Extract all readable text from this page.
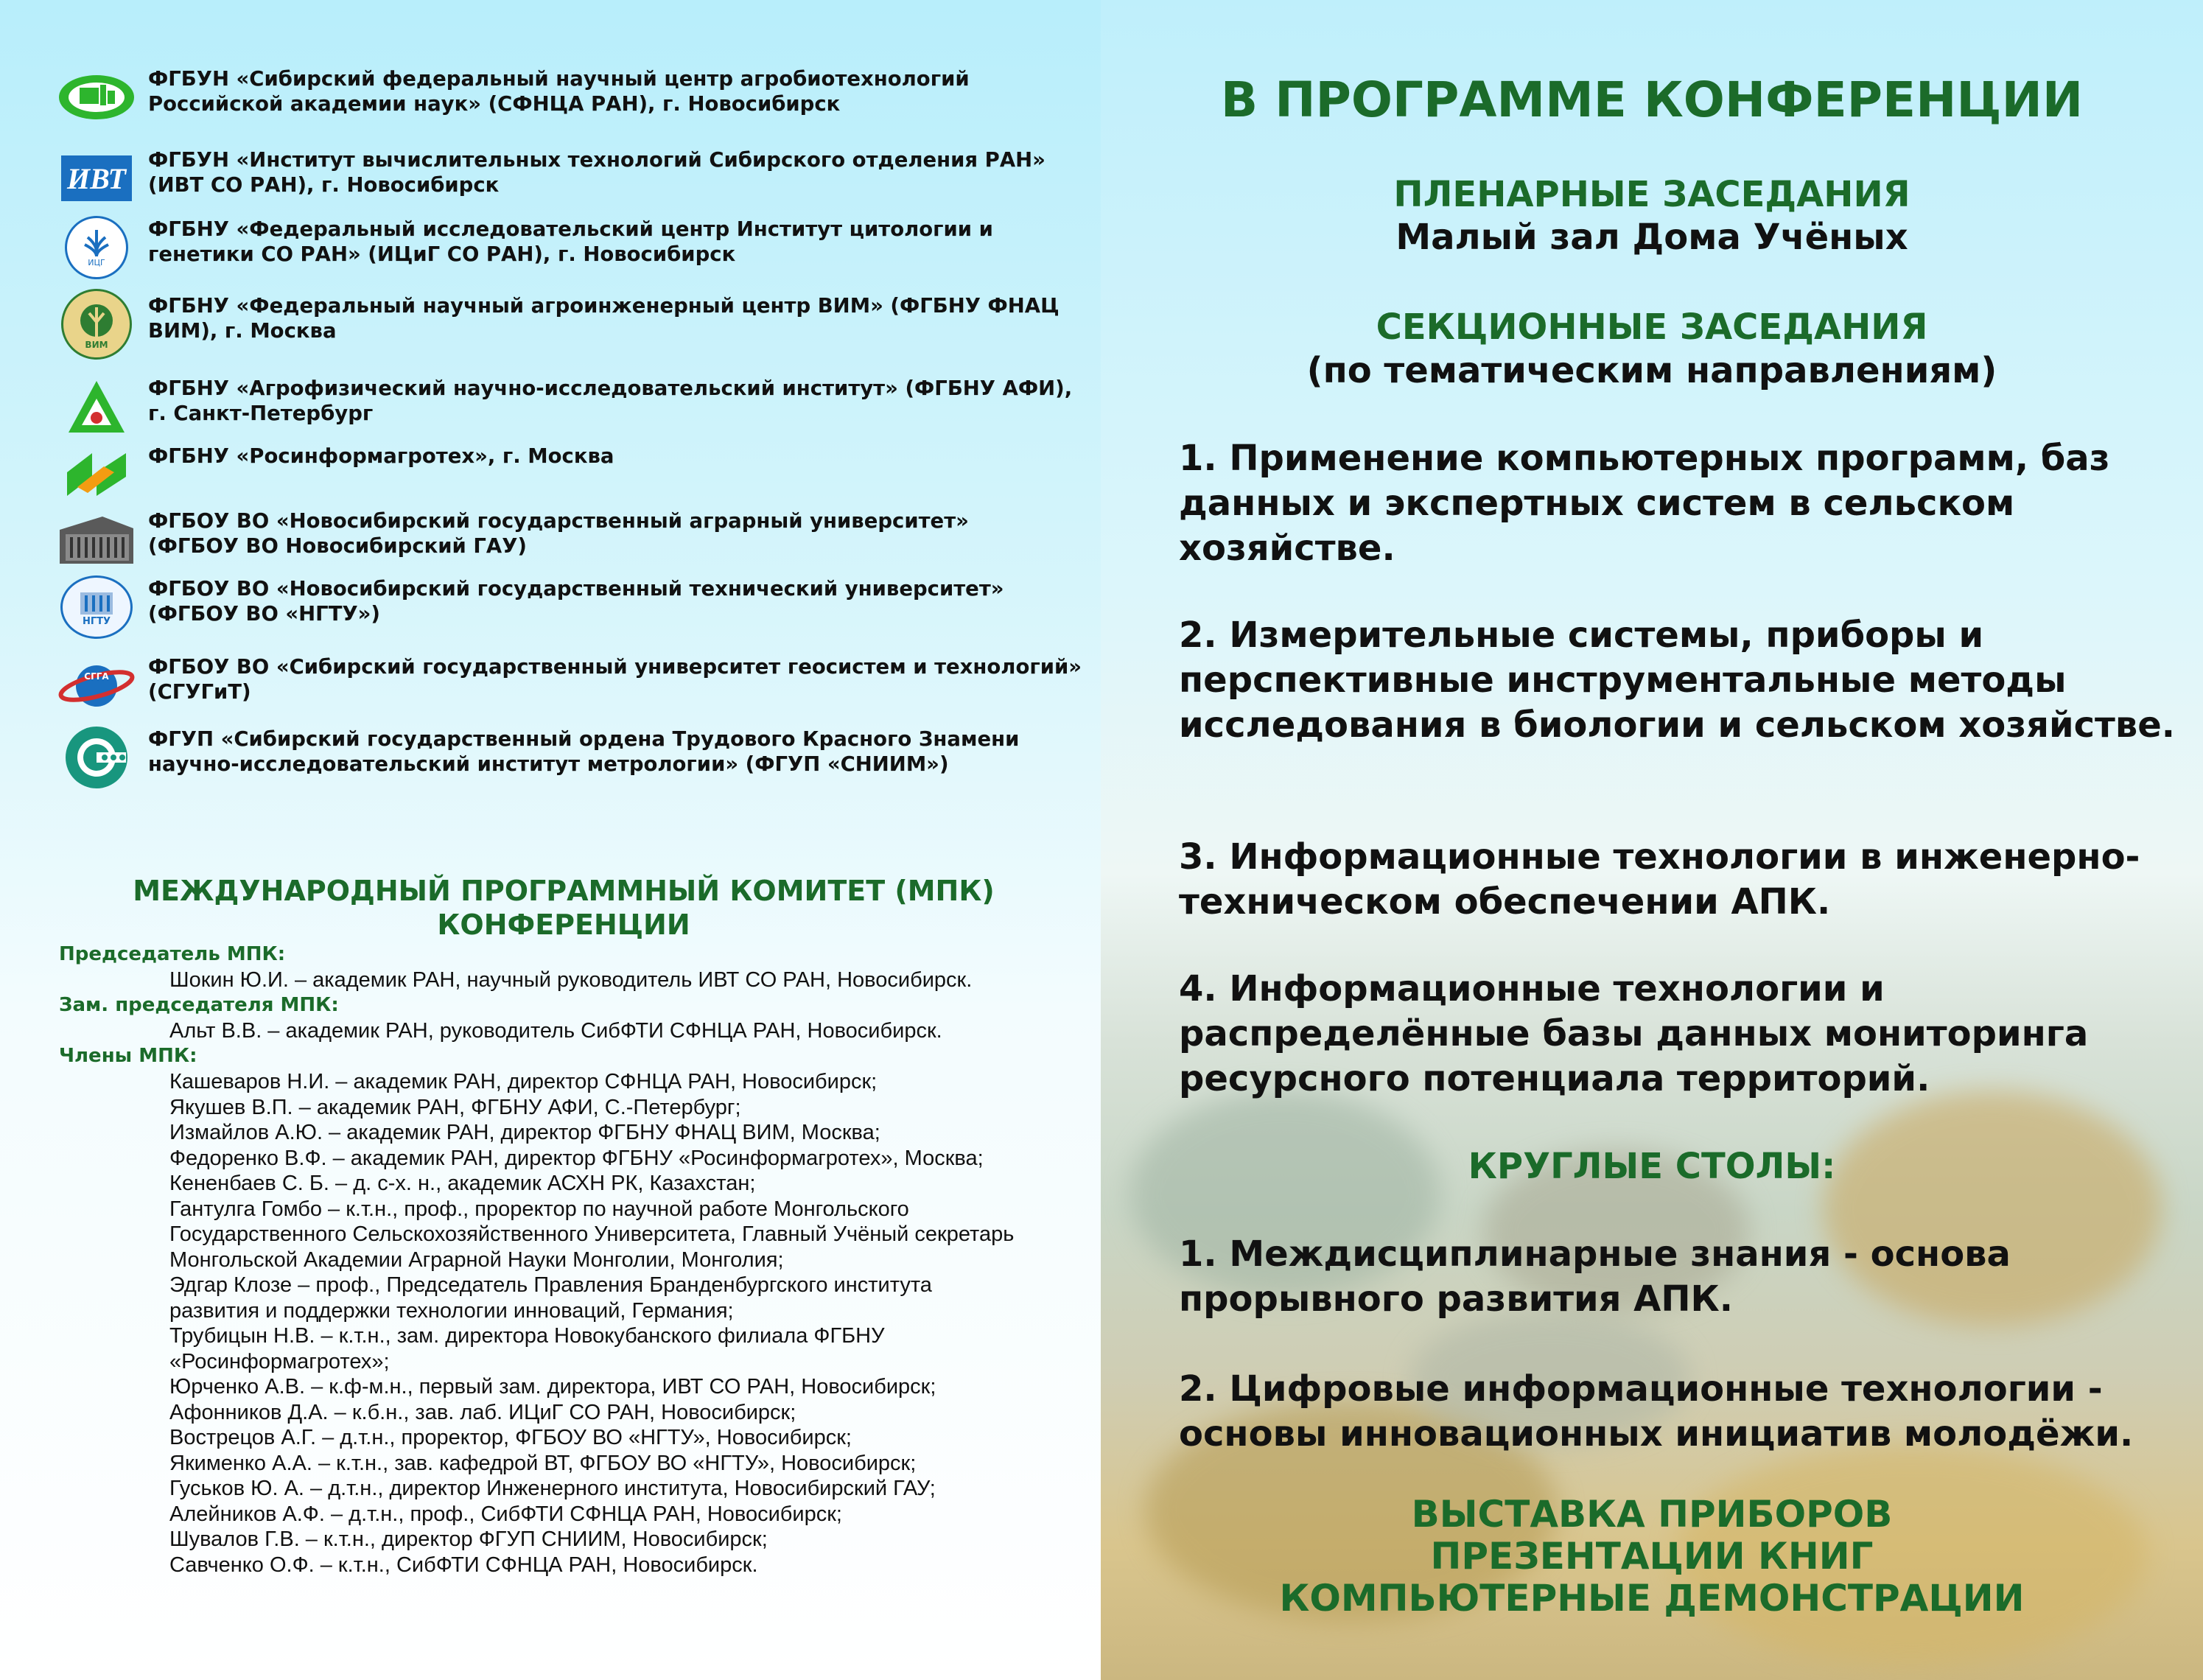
ФГБУН «Сибирский федеральный научный центр агробиотехнологий
Российской академии наук» (СФНЦА РАН), г. Новосибирск
ИВТ
ФГБУН «Институт вычислительных технологий Сибирского отделения РАН»
(ИВТ СО РАН), г. Новосибирск
ИЦГ
ФГБНУ «Федеральный исследовательский центр Институт цитологии и
генетики СО РАН» (ИЦиГ СО РАН), г. Новосибирск
ВИМ
ФГБНУ «Федеральный научный агроинженерный центр ВИМ» (ФГБНУ ФНАЦ
ВИМ), г. Москва
ФГБНУ «Агрофизический научно-исследовательский институт» (ФГБНУ АФИ),
г. Санкт-Петербург
ФГБНУ «Росинформагротех», г. Москва
ФГБОУ ВО «Новосибирский государственный аграрный университет»
(ФГБОУ ВО Новосибирский ГАУ)
НГТУ
ФГБОУ ВО «Новосибирский государственный технический университет»
(ФГБОУ ВО «НГТУ»)
СГГА ФГБОУ ВО «Сибирский государственный университет геосистем и технологий»
(СГУГиТ)
ФГУП «Сибирский государственный ордена Трудового Красного Знамени
научно-исследовательский институт метрологии» (ФГУП «СНИИМ»)
МЕЖДУНАРОДНЫЙ ПРОГРАММНЫЙ КОМИТЕТ (МПК)
КОНФЕРЕНЦИИ
Председатель МПК:
Шокин Ю.И. – академик РАН, научный руководитель ИВТ СО РАН, Новосибирск.
Зам. председателя МПК:
Альт В.В. – академик РАН, руководитель СибФТИ СФНЦА РАН, Новосибирск.
Члены МПК:
Кашеваров Н.И. – академик РАН, директор СФНЦА РАН, Новосибирск;
Якушев В.П. – академик РАН, ФГБНУ АФИ, С.-Петербург;
Измайлов А.Ю. – академик РАН, директор ФГБНУ ФНАЦ ВИМ, Москва;
Федоренко В.Ф. – академик РАН, директор ФГБНУ «Росинформагротех», Москва;
Кененбаев С. Б. – д. с-х. н., академик АСХН РК, Казахстан;
Гантулга Гомбо – к.т.н., проф., проректор по научной работе Монгольского
Государственного Сельскохозяйственного Университета, Главный Учёный секретарь
Монгольской Академии Аграрной Науки Монголии, Монголия;
Эдгар Клозе – проф., Председатель Правления Бранденбургского института
развития и поддержки технологии инноваций, Германия;
Трубицын Н.В. – к.т.н., зам. директора Новокубанского филиала ФГБНУ
«Росинформагротех»;
Юрченко А.В. – к.ф-м.н., первый зам. директора, ИВТ СО РАН, Новосибирск;
Афонников Д.А. – к.б.н., зав. лаб. ИЦиГ СО РАН, Новосибирск;
Вострецов А.Г. – д.т.н., проректор, ФГБОУ ВО «НГТУ», Новосибирск;
Якименко А.А. – к.т.н., зав. кафедрой ВТ, ФГБОУ ВО «НГТУ», Новосибирск;
Гуськов Ю. А. – д.т.н., директор Инженерного института, Новосибирский ГАУ;
Алейников А.Ф. – д.т.н., проф., СибФТИ СФНЦА РАН, Новосибирск;
Шувалов Г.В. – к.т.н., директор ФГУП СНИИМ, Новосибирск;
Савченко О.Ф. – к.т.н., СибФТИ СФНЦА РАН, Новосибирск.
В ПРОГРАММЕ КОНФЕРЕНЦИИ
ПЛЕНАРНЫЕ ЗАСЕДАНИЯ
Малый зал Дома Учёных
СЕКЦИОННЫЕ ЗАСЕДАНИЯ
(по тематическим направлениям)
1. Применение компьютерных программ, баз данных и экспертных систем в сельском хозяйстве.
2. Измерительные системы, приборы и перспективные инструментальные методы исследования в биологии и сельском хозяйстве.
3. Информационные технологии в инженерно-техническом обеспечении АПК.
4. Информационные технологии и распределённые базы данных мониторинга ресурсного потенциала территорий.
КРУГЛЫЕ СТОЛЫ:
1. Междисциплинарные знания - основа прорывного развития АПК.
2. Цифровые информационные технологии - основы инновационных инициатив молодёжи.
ВЫСТАВКА ПРИБОРОВ
ПРЕЗЕНТАЦИИ КНИГ
КОМПЬЮТЕРНЫЕ ДЕМОНСТРАЦИИ
